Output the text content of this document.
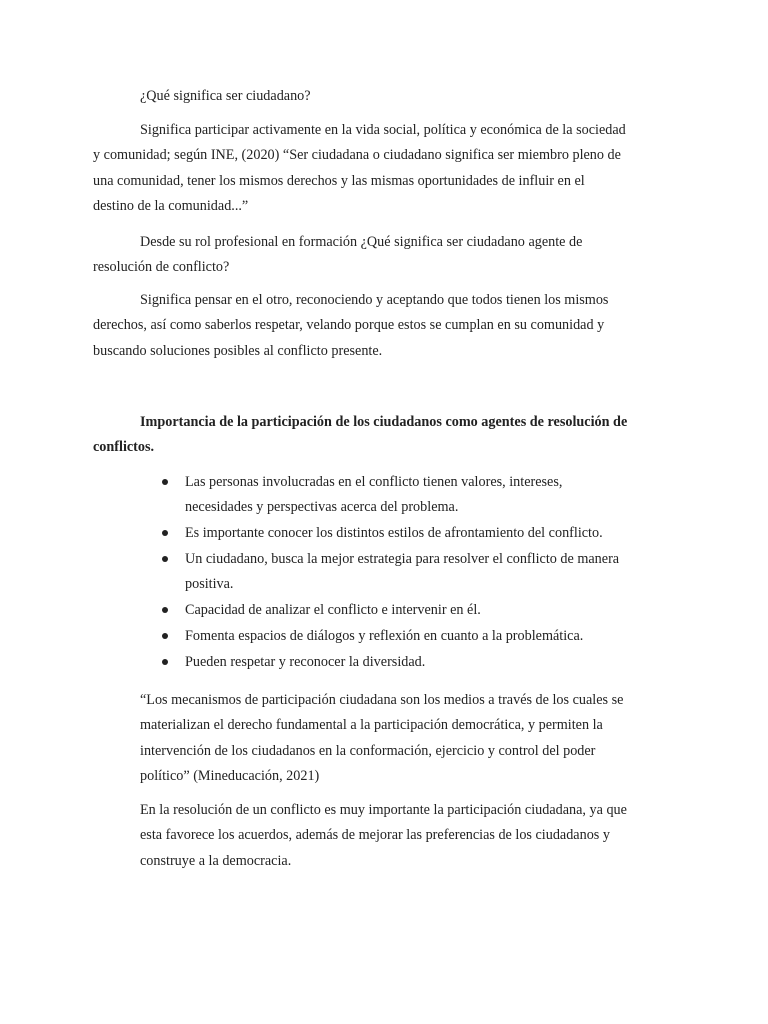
¿Qué significa ser ciudadano?

Significa participar activamente en la vida social, política y económica de la sociedad
y comunidad; según INE, (2020) “Ser ciudadana o ciudadano significa ser miembro pleno de
una comunidad, tener los mismos derechos y las mismas oportunidades de influir en el
destino de la comunidad...”

Desde su rol profesional en formación ¿Qué significa ser ciudadano agente de
resolución de conflicto?

Significa pensar en el otro, reconociendo y aceptando que todos tienen los mismos
derechos, así como saberlos respetar, velando porque estos se cumplan en su comunidad y
buscando soluciones posibles al conflicto presente.

Importancia de la participación de los ciudadanos como agentes de resolución de
conflictos.
Las personas involucradas en el conflicto tienen valores, intereses,
necesidades y perspectivas acerca del problema.
Es importante conocer los distintos estilos de afrontamiento del conflicto.
Un ciudadano, busca la mejor estrategia para resolver el conflicto de manera
positiva.
Capacidad de analizar el conflicto e intervenir en él.
Fomenta espacios de diálogos y reflexión en cuanto a la problemática.
Pueden respetar y reconocer la diversidad.

“Los mecanismos de participación ciudadana son los medios a través de los cuales se
materializan el derecho fundamental a la participación democrática, y permiten la
intervención de los ciudadanos en la conformación, ejercicio y control del poder
político” (Mineducación, 2021)

En la resolución de un conflicto es muy importante la participación ciudadana, ya que
esta favorece los acuerdos, además de mejorar las preferencias de los ciudadanos y
construye a la democracia.
